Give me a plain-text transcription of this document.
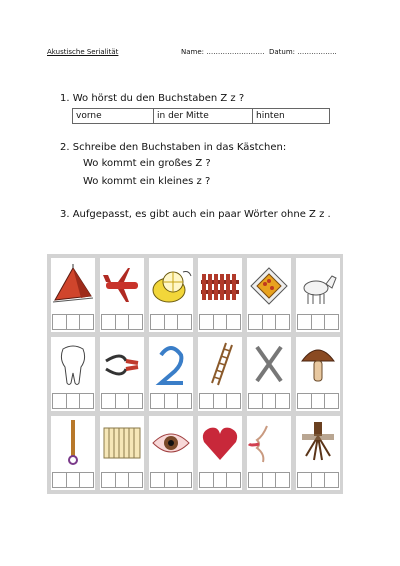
Akustische Serialität	Name: ……………………. Datum: ……………..
1. Wo hörst du den Buchstaben Z z ?
vorne	in der Mitte	hinten
2. Schreibe den Buchstaben in das Kästchen:
Wo kommt ein großes Z ?
Wo kommt ein kleines z ?
3. Aufgepasst, es gibt auch ein paar Wörter ohne Z z .
